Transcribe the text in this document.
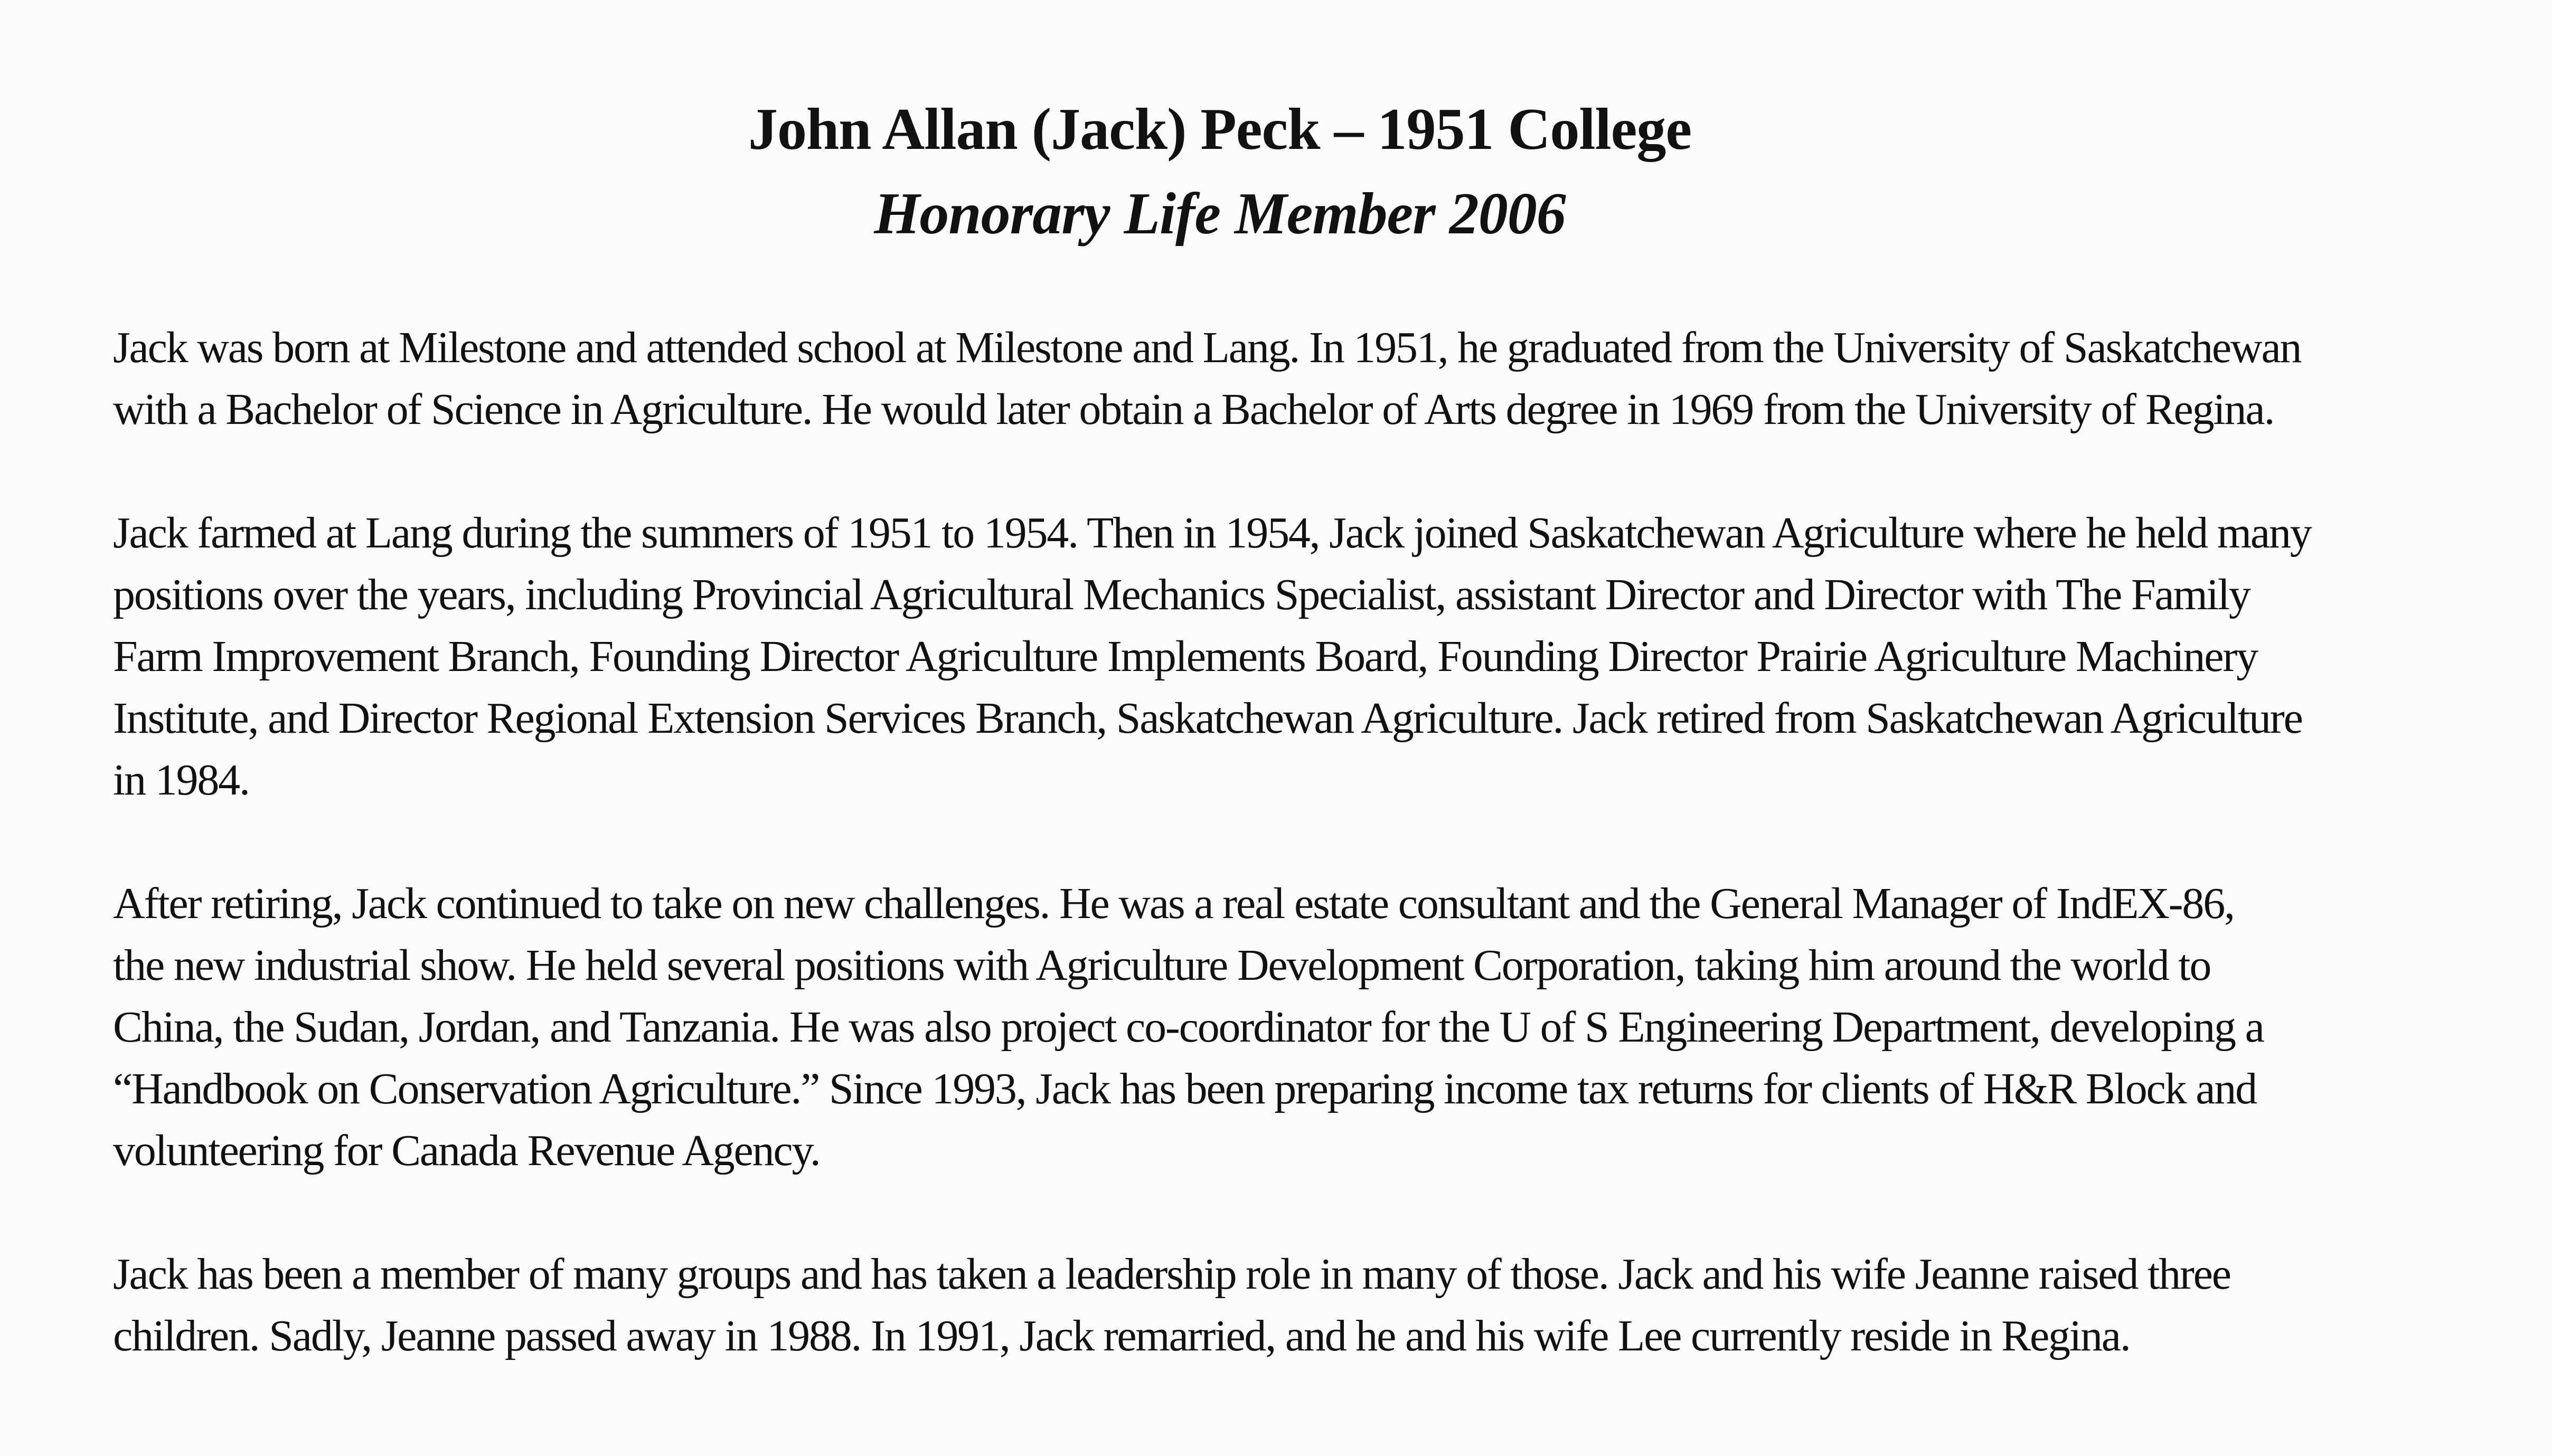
John Allan (Jack) Peck – 1951 College
Honorary Life Member 2006

Jack was born at Milestone and attended school at Milestone and Lang. In 1951, he graduated from the University of Saskatchewan
with a Bachelor of Science in Agriculture. He would later obtain a Bachelor of Arts degree in 1969 from the University of Regina.

Jack farmed at Lang during the summers of 1951 to 1954. Then in 1954, Jack joined Saskatchewan Agriculture where he held many
positions over the years, including Provincial Agricultural Mechanics Specialist, assistant Director and Director with The Family
Farm Improvement Branch, Founding Director Agriculture Implements Board, Founding Director Prairie Agriculture Machinery
Institute, and Director Regional Extension Services Branch, Saskatchewan Agriculture. Jack retired from Saskatchewan Agriculture
in 1984.

After retiring, Jack continued to take on new challenges. He was a real estate consultant and the General Manager of IndEX-86,
the new industrial show. He held several positions with Agriculture Development Corporation, taking him around the world to
China, the Sudan, Jordan, and Tanzania. He was also project co-coordinator for the U of S Engineering Department, developing a
“Handbook on Conservation Agriculture.” Since 1993, Jack has been preparing income tax returns for clients of H&R Block and
volunteering for Canada Revenue Agency.

Jack has been a member of many groups and has taken a leadership role in many of those. Jack and his wife Jeanne raised three
children. Sadly, Jeanne passed away in 1988. In 1991, Jack remarried, and he and his wife Lee currently reside in Regina.
